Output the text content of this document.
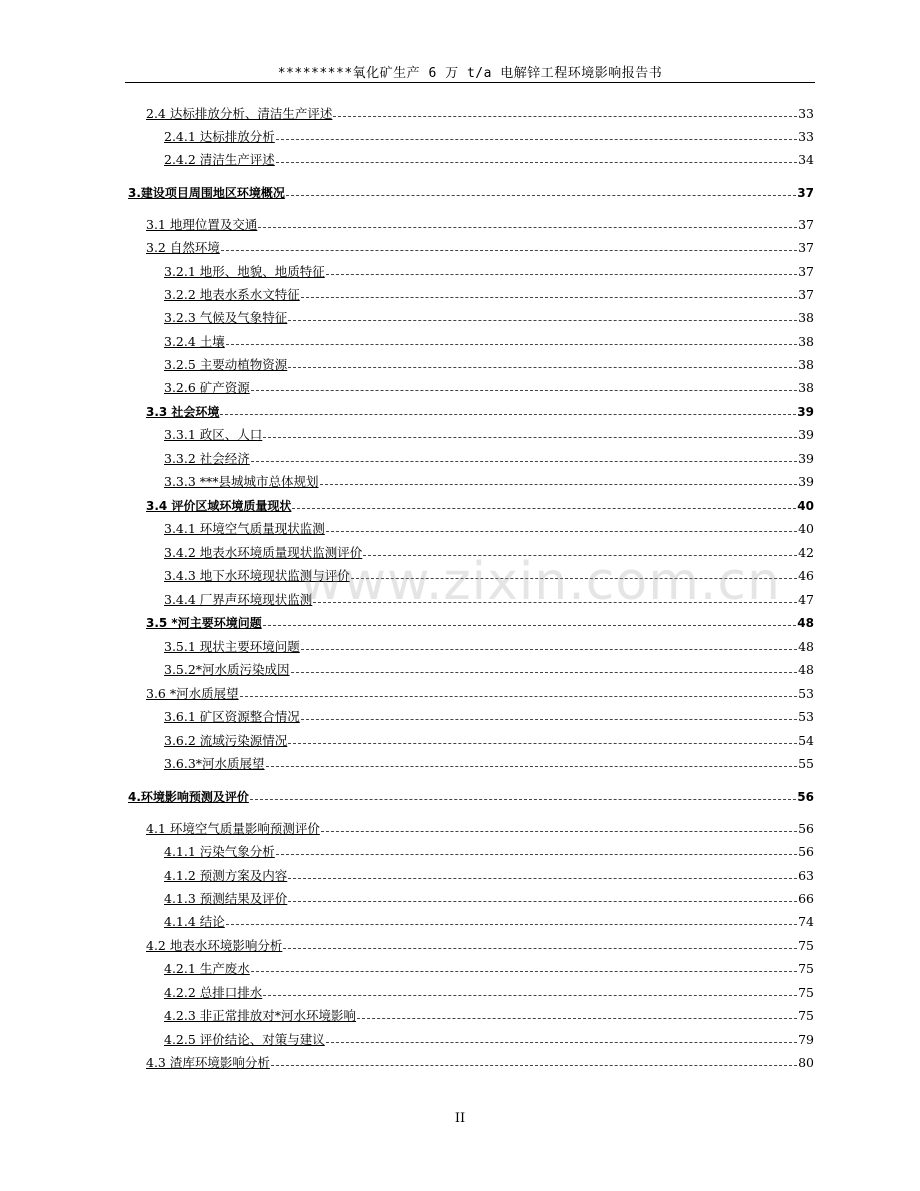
*********氧化矿生产 6 万 t/a 电解锌工程环境影响报告书
2.4 达标排放分析、清洁生产评述	33
2.4.1 达标排放分析	33
2.4.2 清洁生产评述	34
3.建设项目周围地区环境概况	37
3.1 地理位置及交通	37
3.2 自然环境	37
3.2.1 地形、地貌、地质特征	37
3.2.2 地表水系水文特征	37
3.2.3 气候及气象特征	38
3.2.4 土壤	38
3.2.5 主要动植物资源	38
3.2.6 矿产资源	38
3.3 社会环境	39
3.3.1 政区、人口	39
3.3.2 社会经济	39
3.3.3 ***县城城市总体规划	39
3.4 评价区域环境质量现状	40
3.4.1 环境空气质量现状监测	40
3.4.2 地表水环境质量现状监测评价	42
3.4.3 地下水环境现状监测与评价	46
3.4.4 厂界声环境现状监测	47
3.5 *河主要环境问题	48
3.5.1 现状主要环境问题	48
3.5.2*河水质污染成因	48
3.6 *河水质展望	53
3.6.1 矿区资源整合情况	53
3.6.2 流域污染源情况	54
3.6.3*河水质展望	55
4.环境影响预测及评价	56
4.1 环境空气质量影响预测评价	56
4.1.1 污染气象分析	56
4.1.2 预测方案及内容	63
4.1.3 预测结果及评价	66
4.1.4 结论	74
4.2 地表水环境影响分析	75
4.2.1 生产废水	75
4.2.2 总排口排水	75
4.2.3 非正常排放对*河水环境影响	75
4.2.5 评价结论、对策与建议	79
4.3 渣库环境影响分析	80
www.zixin.com.cn
II
